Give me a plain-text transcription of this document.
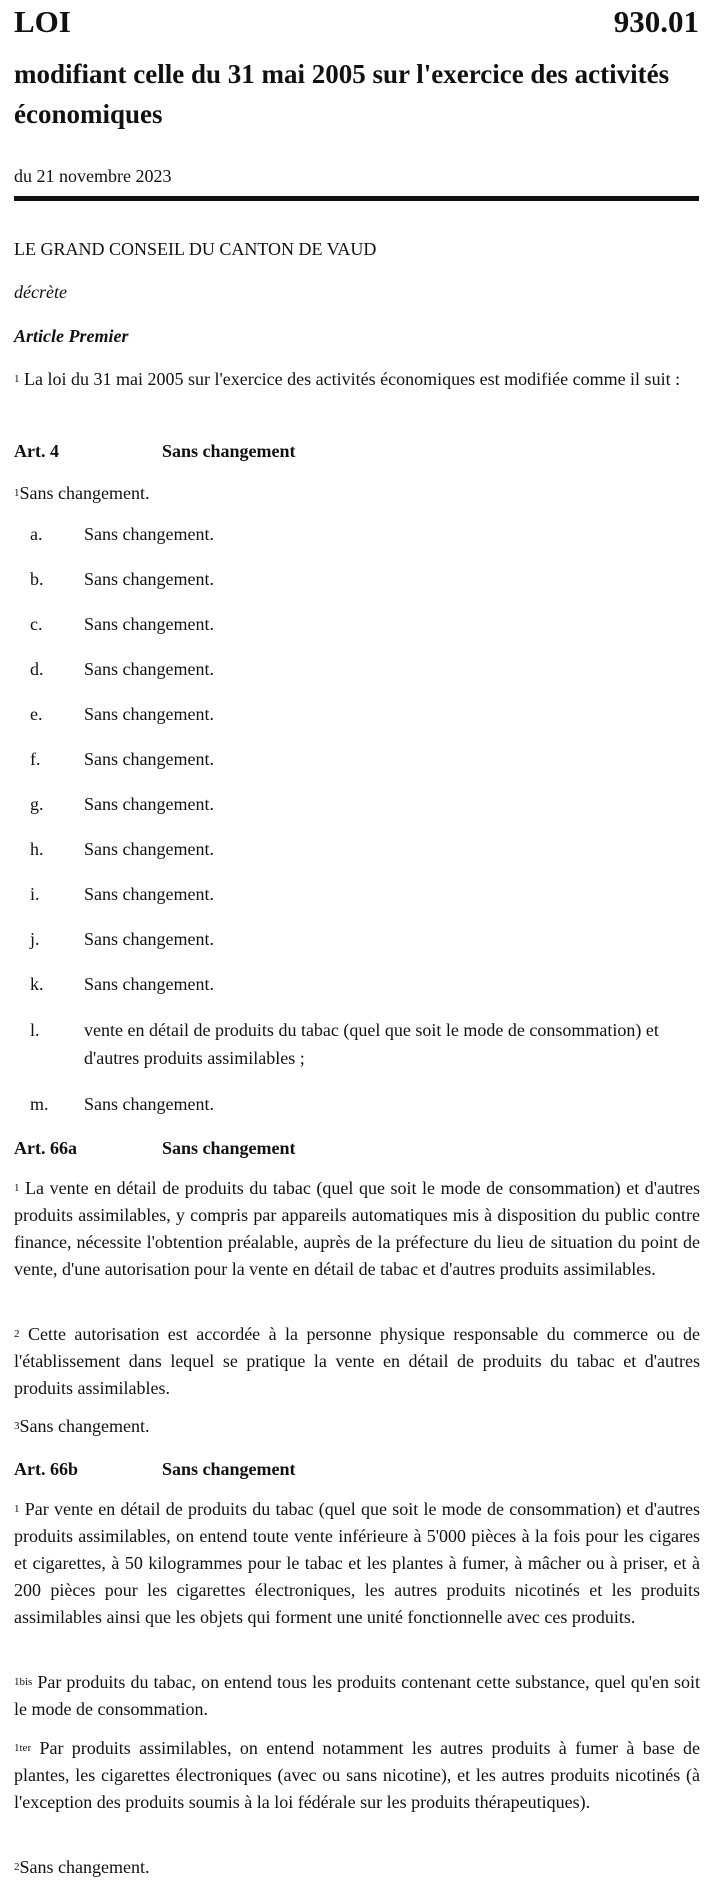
LOI	930.01
modifiant celle du 31 mai 2005 sur l'exercice des activités économiques
du 21 novembre 2023

LE GRAND CONSEIL DU CANTON DE VAUD

décrète

Article Premier

$^1$ La loi du 31 mai 2005 sur l'exercice des activités économiques est modifiée comme il suit :

Art. 4	Sans changement

$^1$Sans changement.

a. Sans changement.
b. Sans changement.
c. Sans changement.
d. Sans changement.
e. Sans changement.
f. Sans changement.
g. Sans changement.
h. Sans changement.
i. Sans changement.
j. Sans changement.
k. Sans changement.
l. vente en détail de produits du tabac (quel que soit le mode de consommation) et d'autres produits assimilables ;
m. Sans changement.
Art. 66a	Sans changement

$^1$ La vente en détail de produits du tabac (quel que soit le mode de consommation) et d'autres produits assimilables, y compris par appareils automatiques mis à disposition du public contre finance, nécessite l'obtention préalable, auprès de la préfecture du lieu de situation du point de vente, d'une autorisation pour la vente en détail de tabac et d'autres produits assimilables.

$^2$ Cette autorisation est accordée à la personne physique responsable du commerce ou de l'établissement dans lequel se pratique la vente en détail de produits du tabac et d'autres produits assimilables.

$^3$Sans changement.

Art. 66b	Sans changement

$^1$ Par vente en détail de produits du tabac (quel que soit le mode de consommation) et d'autres produits assimilables, on entend toute vente inférieure à 5'000 pièces à la fois pour les cigares et cigarettes, à 50 kilogrammes pour le tabac et les plantes à fumer, à mâcher ou à priser, et à 200 pièces pour les cigarettes électroniques, les autres produits nicotinés et les produits assimilables ainsi que les objets qui forment une unité fonctionnelle avec ces produits.

$^{1bis}$ Par produits du tabac, on entend tous les produits contenant cette substance, quel qu'en soit le mode de consommation.

$^{1ter}$ Par produits assimilables, on entend notamment les autres produits à fumer à base de plantes, les cigarettes électroniques (avec ou sans nicotine), et les autres produits nicotinés (à l'exception des produits soumis à la loi fédérale sur les produits thérapeutiques).

$^2$Sans changement.
